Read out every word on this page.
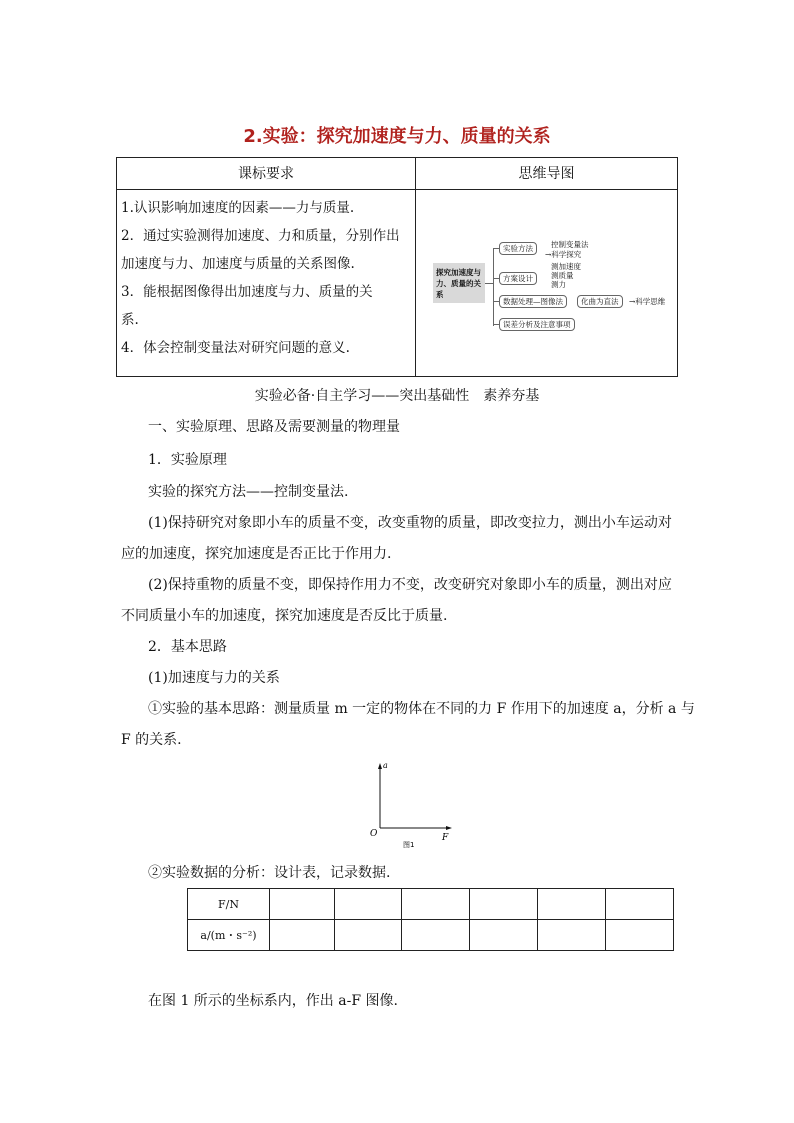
2.实验：探究加速度与力、质量的关系
课标要求	思维导图

1.认识影响加速度的因素——力与质量.

2．通过实验测得加速度、力和质量，分别作出

加速度与力、加速度与质量的关系图像.

3．能根据图像得出加速度与力、质量的关

系.

4．体会控制变量法对研究问题的意义.

探究加速度与力、质量的关系
实验方法	控制变量法
→科学探究
方案设计
测加速度
测质量
测力
数据处理—图像法	化曲为直法	→科学思维
误差分析及注意事项
实验必备·自主学习——突出基础性　素养夯基
一、实验原理、思路及需要测量的物理量
1．实验原理
实验的探究方法——控制变量法.
(1)保持研究对象即小车的质量不变，改变重物的质量，即改变拉力，测出小车运动对
应的加速度，探究加速度是否正比于作用力.
(2)保持重物的质量不变，即保持作用力不变，改变研究对象即小车的质量，测出对应
不同质量小车的加速度，探究加速度是否反比于质量.
2．基本思路
(1)加速度与力的关系
①实验的基本思路：测量质量 m 一定的物体在不同的力 F 作用下的加速度 a，分析 a 与
F 的关系.
a
O	F
图1
②实验数据的分析：设计表，记录数据.
F/N						
a/(m・s⁻²)						
在图 1 所示的坐标系内，作出 a-F 图像.
